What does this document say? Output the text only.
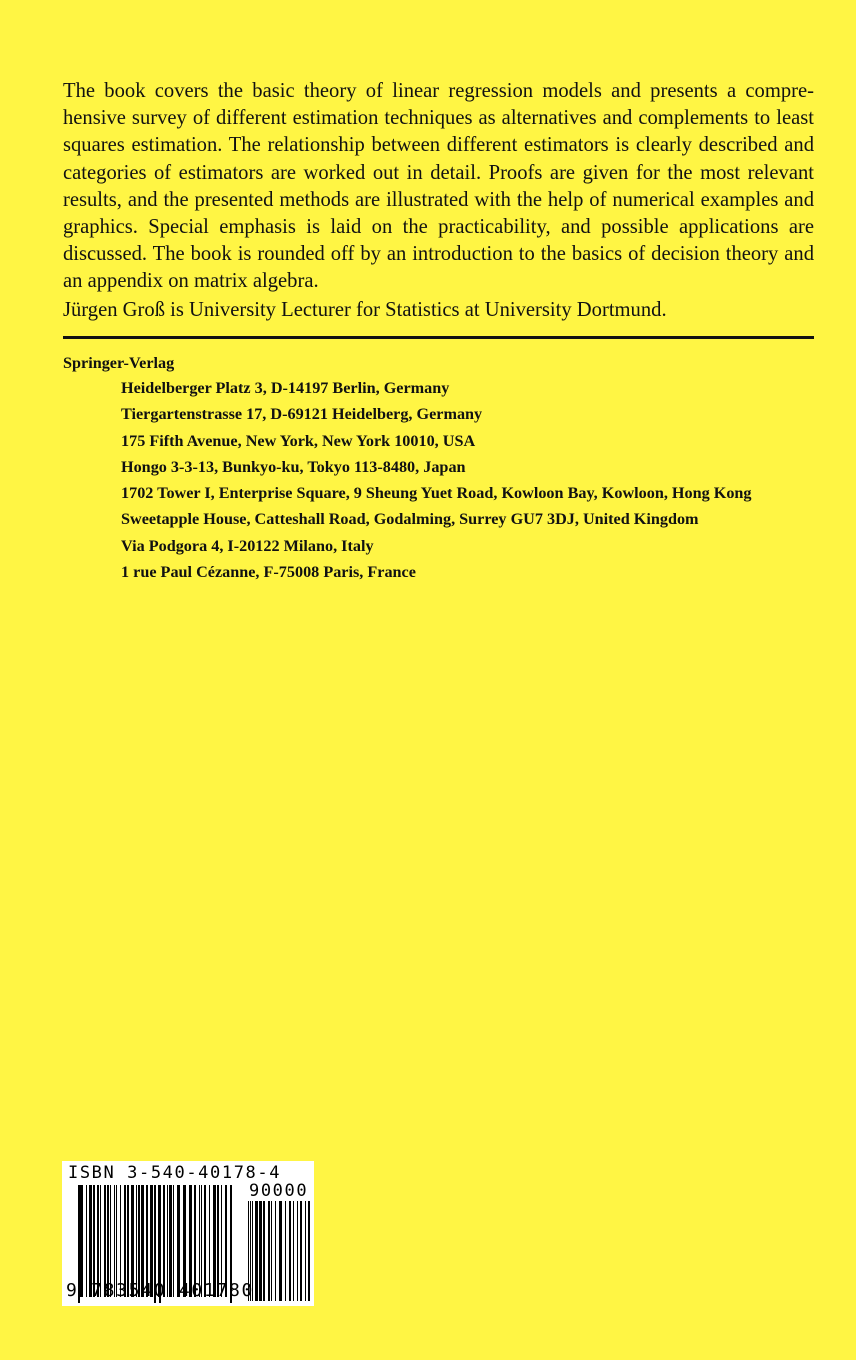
The book covers the basic theory of linear regression models and presents a comprehensive survey of different estimation techniques as alternatives and complements to least squares estimation. The relationship between different estimators is clearly described and categories of estimators are worked out in detail. Proofs are given for the most relevant results, and the presented methods are illustrated with the help of numerical examples and graphics. Special emphasis is laid on the practicability, and possible applications are discussed. The book is rounded off by an introduction to the basics of decision theory and an appendix on matrix algebra.

Jürgen Groß is University Lecturer for Statistics at University Dortmund.

Springer-Verlag
Heidelberger Platz 3, D-14197 Berlin, Germany
Tiergartenstrasse 17, D-69121 Heidelberg, Germany
175 Fifth Avenue, New York, New York 10010, USA
Hongo 3-3-13, Bunkyo-ku, Tokyo 113-8480, Japan
1702 Tower I, Enterprise Square, 9 Sheung Yuet Road, Kowloon Bay, Kowloon, Hong Kong
Sweetapple House, Catteshall Road, Godalming, Surrey GU7 3DJ, United Kingdom
Via Podgora 4, I-20122 Milano, Italy
1 rue Paul Cézanne, F-75008 Paris, France
ISBN 3-540-40178-4
90000
9 783540 401780
